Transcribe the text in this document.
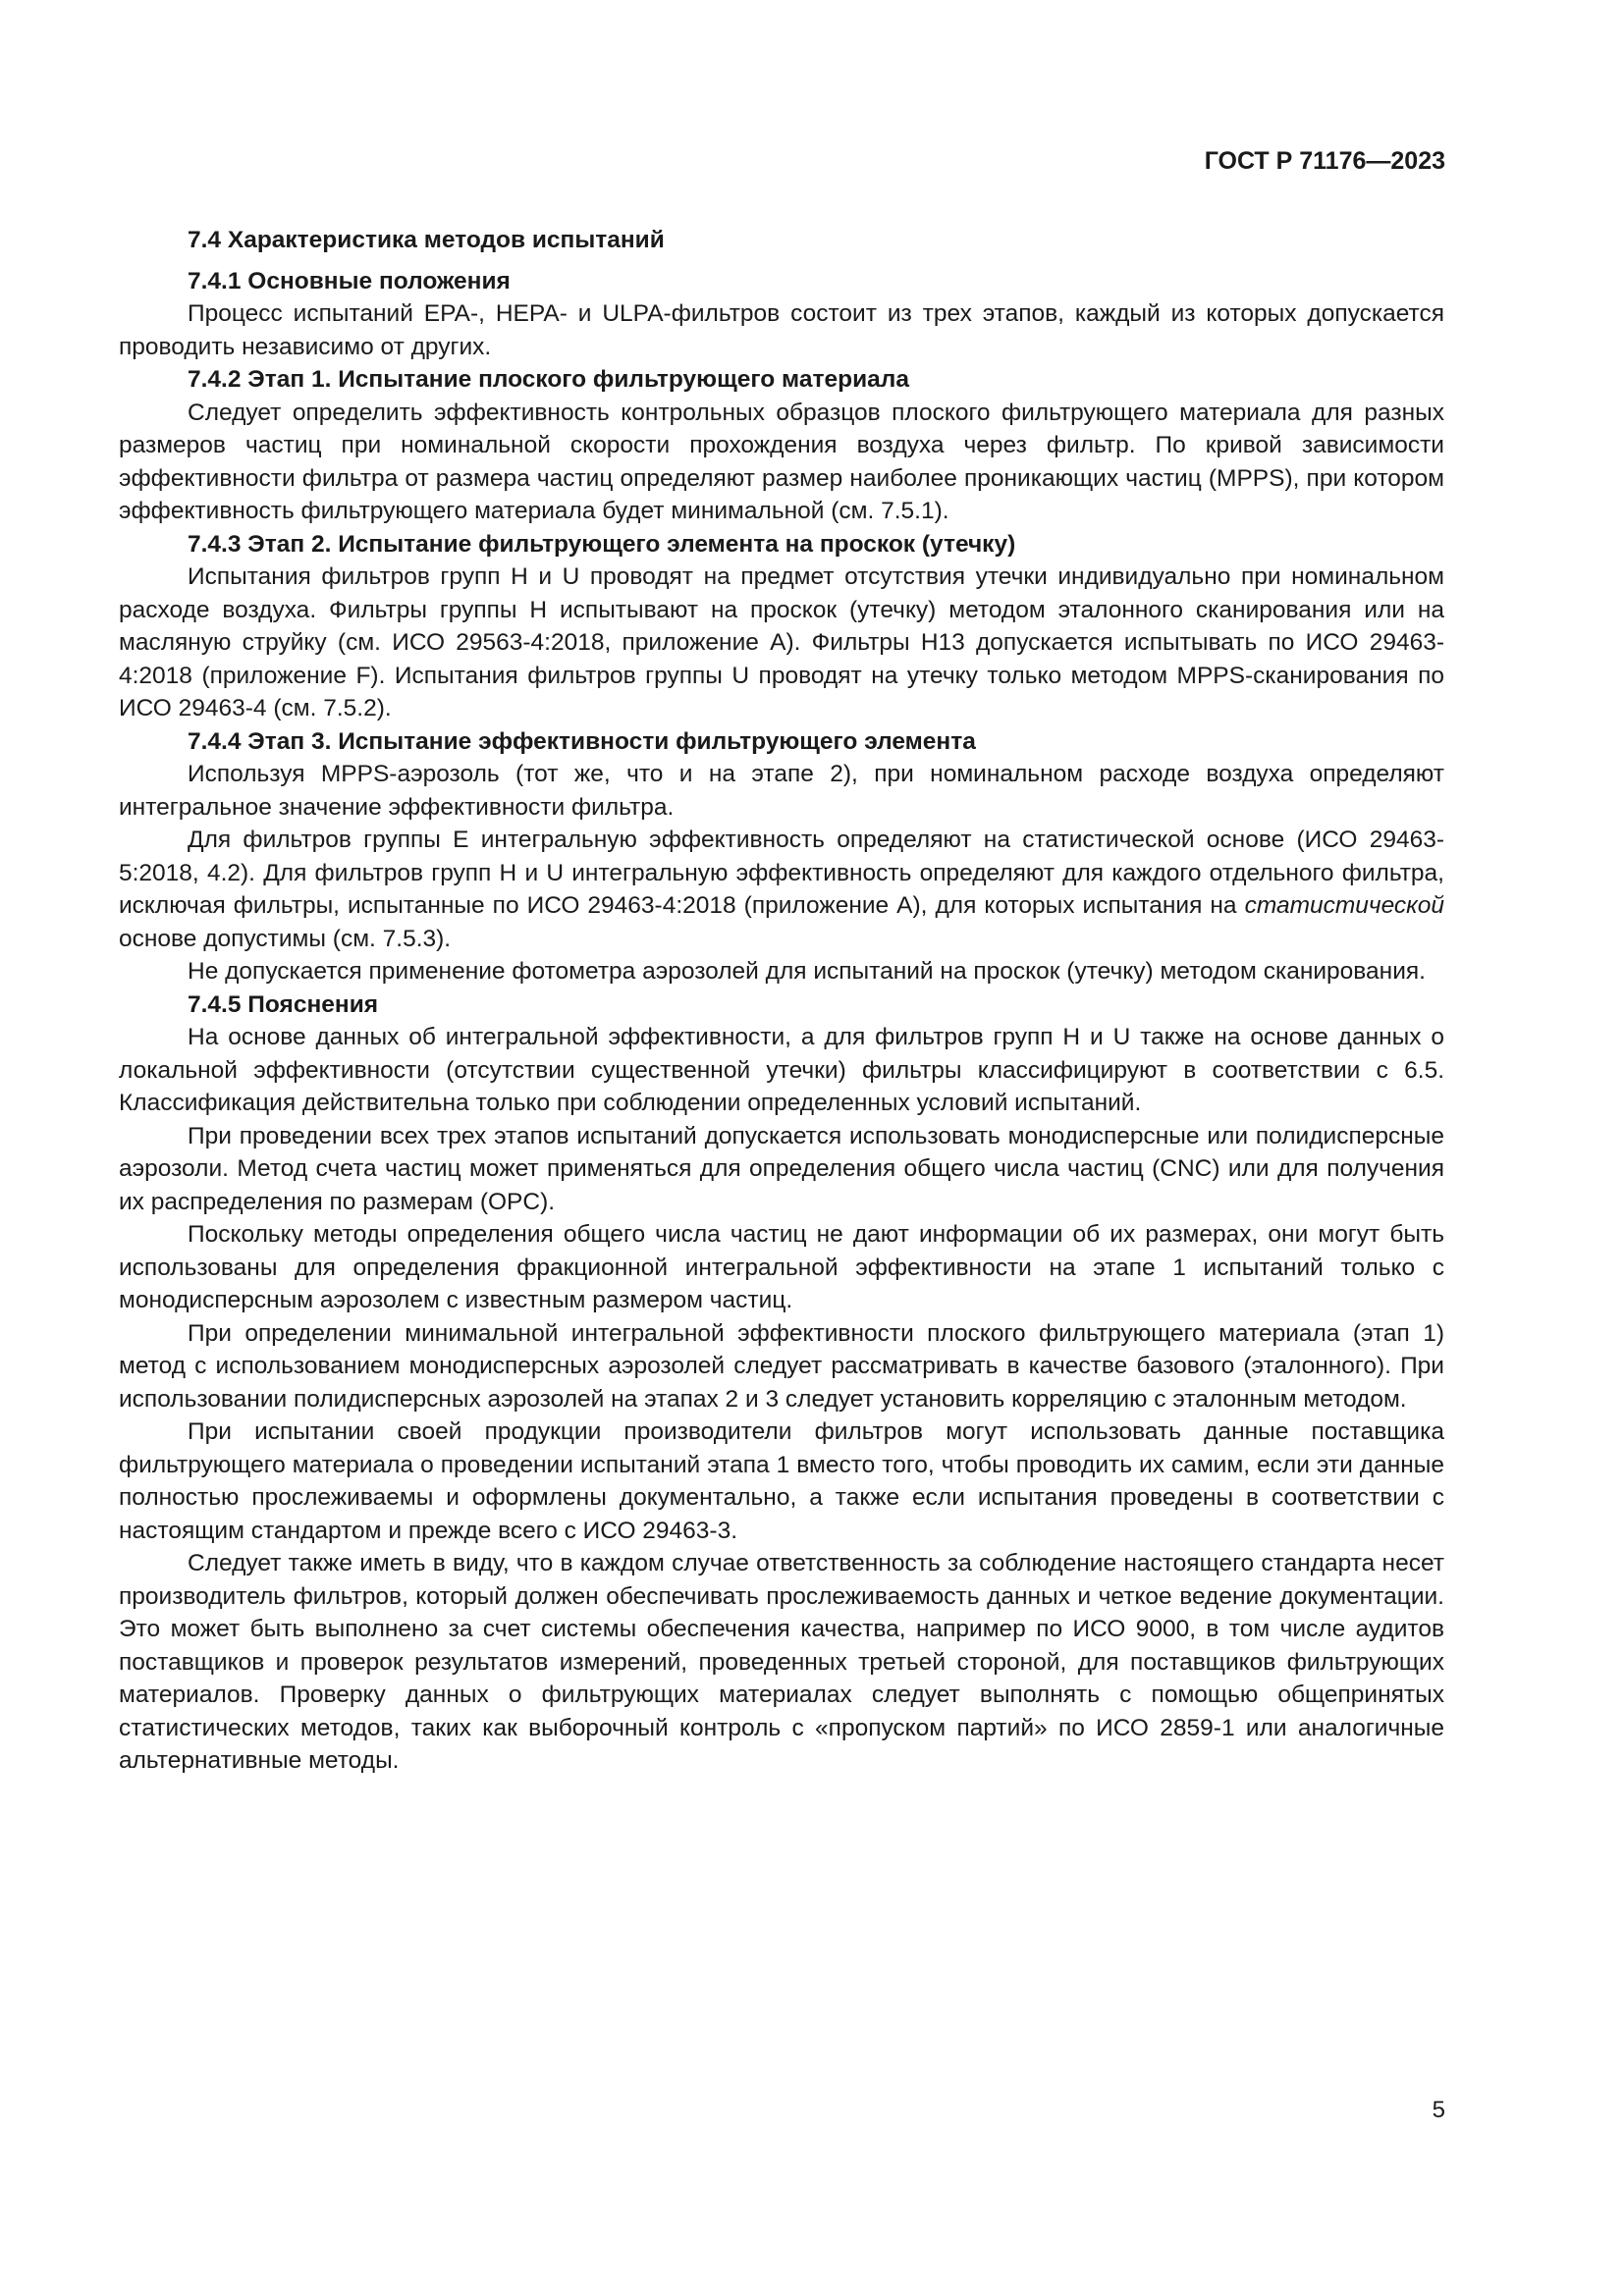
ГОСТ Р 71176—2023
7.4 Характеристика методов испытаний
7.4.1 Основные положения

Процесс испытаний EPA-, HEPA- и ULPA-фильтров состоит из трех этапов, каждый из которых допускается проводить независимо от других.

7.4.2 Этап 1. Испытание плоского фильтрующего материала

Следует определить эффективность контрольных образцов плоского фильтрующего материала для разных размеров частиц при номинальной скорости прохождения воздуха через фильтр. По кривой зависимости эффективности фильтра от размера частиц определяют размер наиболее проникающих частиц (MPPS), при котором эффективность фильтрующего материала будет минимальной (см. 7.5.1).

7.4.3 Этап 2. Испытание фильтрующего элемента на проскок (утечку)

Испытания фильтров групп H и U проводят на предмет отсутствия утечки индивидуально при номинальном расходе воздуха. Фильтры группы H испытывают на проскок (утечку) методом эталонного сканирования или на масляную струйку (см. ИСО 29563-4:2018, приложение A). Фильтры H13 допускается испытывать по ИСО 29463-4:2018 (приложение F). Испытания фильтров группы U проводят на утечку только методом MPPS-сканирования по ИСО 29463-4 (см. 7.5.2).

7.4.4 Этап 3. Испытание эффективности фильтрующего элемента

Используя MPPS-аэрозоль (тот же, что и на этапе 2), при номинальном расходе воздуха определяют интегральное значение эффективности фильтра.

Для фильтров группы E интегральную эффективность определяют на статистической основе (ИСО 29463-5:2018, 4.2). Для фильтров групп H и U интегральную эффективность определяют для каждого отдельного фильтра, исключая фильтры, испытанные по ИСО 29463-4:2018 (приложение A), для которых испытания на статистической основе допустимы (см. 7.5.3).

Не допускается применение фотометра аэрозолей для испытаний на проскок (утечку) методом сканирования.

7.4.5 Пояснения

На основе данных об интегральной эффективности, а для фильтров групп H и U также на основе данных о локальной эффективности (отсутствии существенной утечки) фильтры классифицируют в соответствии с 6.5. Классификация действительна только при соблюдении определенных условий испытаний.

При проведении всех трех этапов испытаний допускается использовать монодисперсные или полидисперсные аэрозоли. Метод счета частиц может применяться для определения общего числа частиц (CNC) или для получения их распределения по размерам (OPC).

Поскольку методы определения общего числа частиц не дают информации об их размерах, они могут быть использованы для определения фракционной интегральной эффективности на этапе 1 испытаний только с монодисперсным аэрозолем с известным размером частиц.

При определении минимальной интегральной эффективности плоского фильтрующего материала (этап 1) метод с использованием монодисперсных аэрозолей следует рассматривать в качестве базового (эталонного). При использовании полидисперсных аэрозолей на этапах 2 и 3 следует установить корреляцию с эталонным методом.

При испытании своей продукции производители фильтров могут использовать данные поставщика фильтрующего материала о проведении испытаний этапа 1 вместо того, чтобы проводить их самим, если эти данные полностью прослеживаемы и оформлены документально, а также если испытания проведены в соответствии с настоящим стандартом и прежде всего с ИСО 29463-3.

Следует также иметь в виду, что в каждом случае ответственность за соблюдение настоящего стандарта несет производитель фильтров, который должен обеспечивать прослеживаемость данных и четкое ведение документации. Это может быть выполнено за счет системы обеспечения качества, например по ИСО 9000, в том числе аудитов поставщиков и проверок результатов измерений, проведенных третьей стороной, для поставщиков фильтрующих материалов. Проверку данных о фильтрующих материалах следует выполнять с помощью общепринятых статистических методов, таких как выборочный контроль с «пропуском партий» по ИСО 2859-1 или аналогичные альтернативные методы.

5
